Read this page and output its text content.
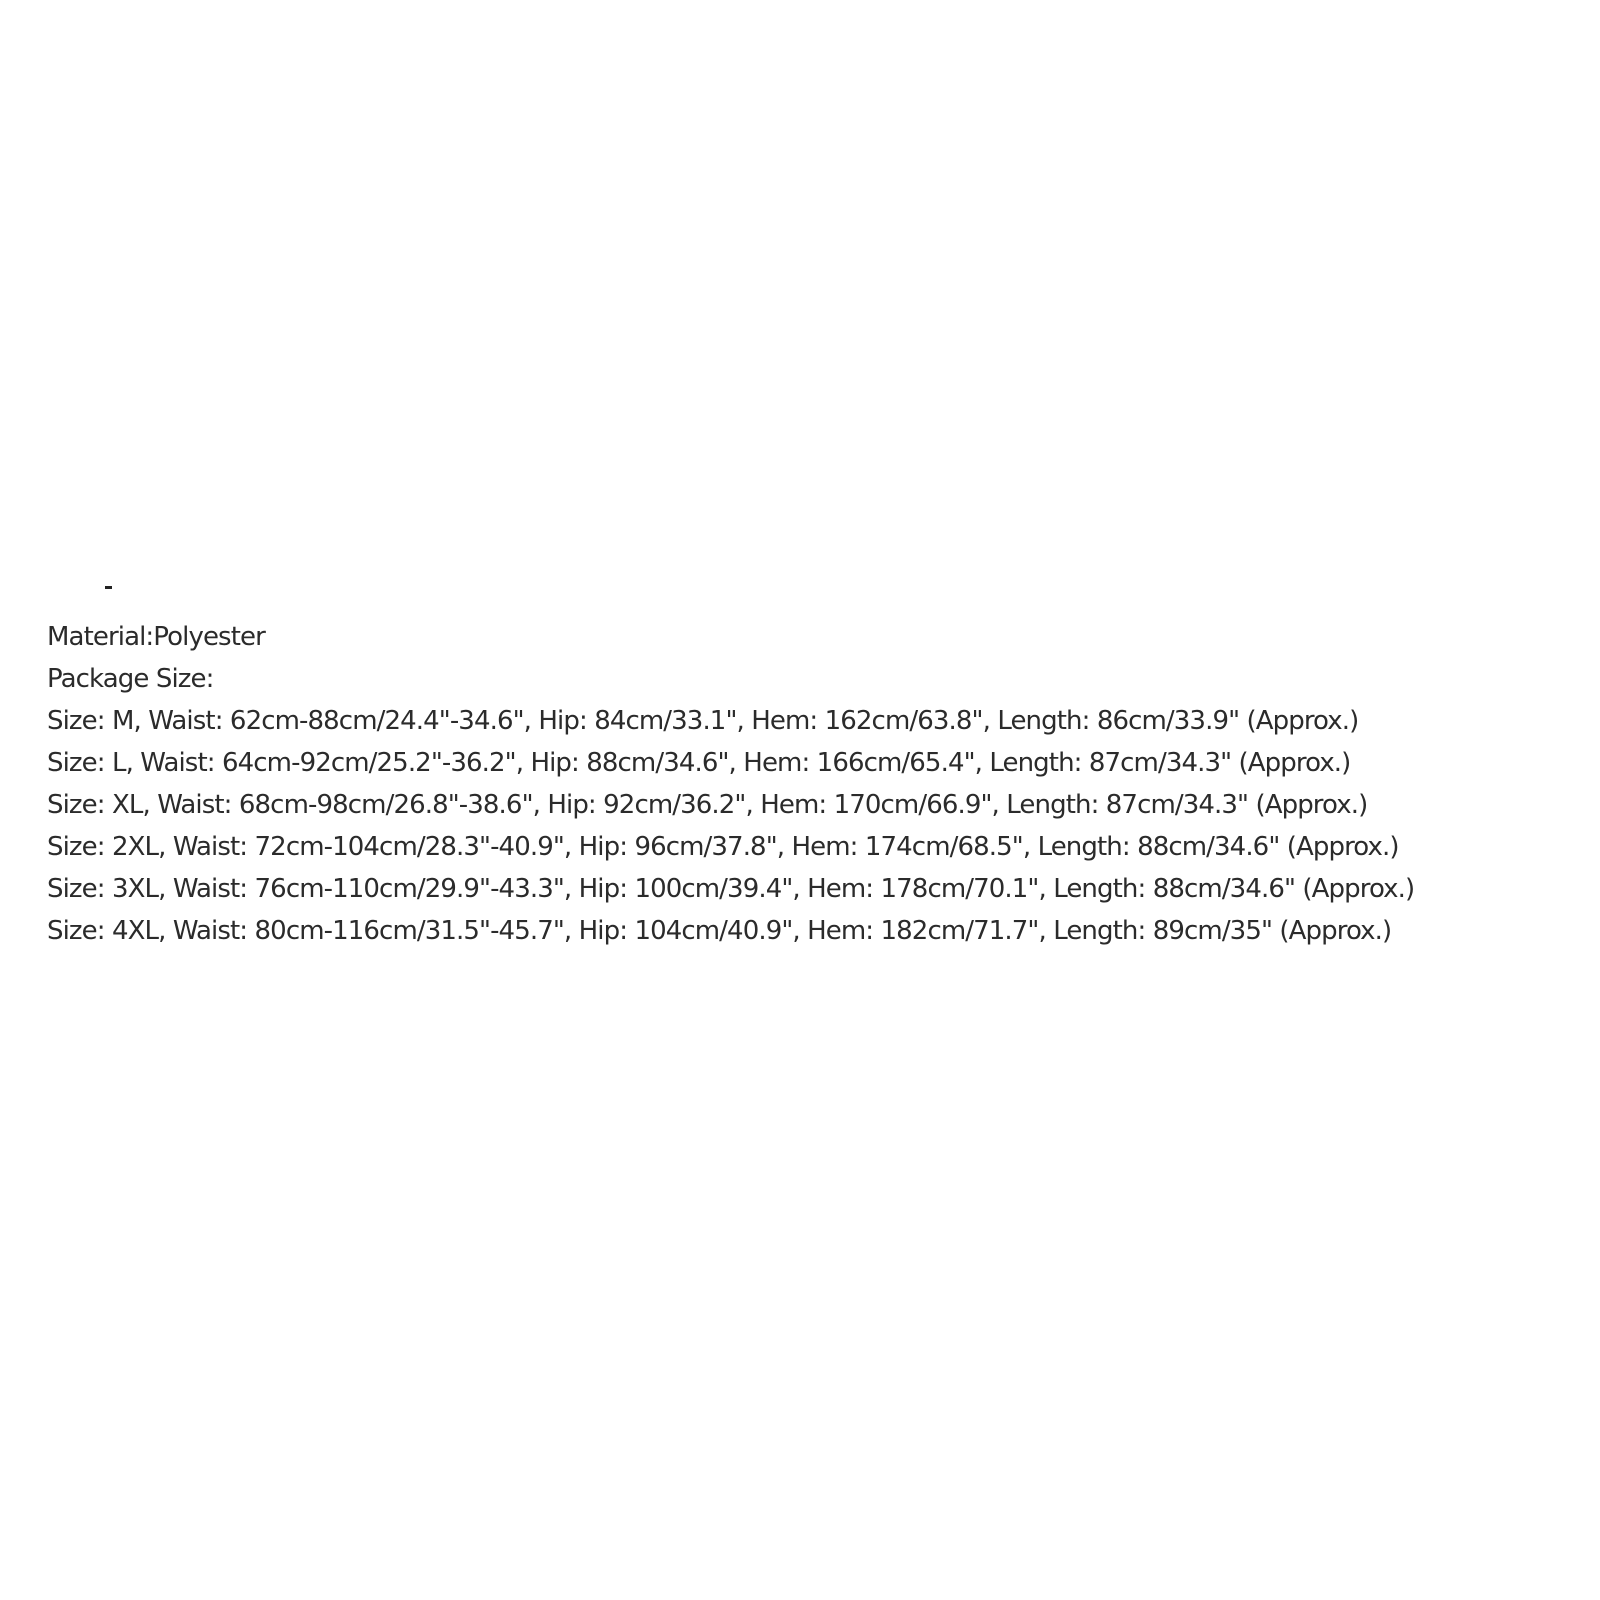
Material:Polyester
Package Size:
Size: M, Waist: 62cm-88cm/24.4"-34.6", Hip: 84cm/33.1", Hem: 162cm/63.8", Length: 86cm/33.9" (Approx.)
Size: L, Waist: 64cm-92cm/25.2"-36.2", Hip: 88cm/34.6", Hem: 166cm/65.4", Length: 87cm/34.3" (Approx.)
Size: XL, Waist: 68cm-98cm/26.8"-38.6", Hip: 92cm/36.2", Hem: 170cm/66.9", Length: 87cm/34.3" (Approx.)
Size: 2XL, Waist: 72cm-104cm/28.3"-40.9", Hip: 96cm/37.8", Hem: 174cm/68.5", Length: 88cm/34.6" (Approx.)
Size: 3XL, Waist: 76cm-110cm/29.9"-43.3", Hip: 100cm/39.4", Hem: 178cm/70.1", Length: 88cm/34.6" (Approx.)
Size: 4XL, Waist: 80cm-116cm/31.5"-45.7", Hip: 104cm/40.9", Hem: 182cm/71.7", Length: 89cm/35" (Approx.)
